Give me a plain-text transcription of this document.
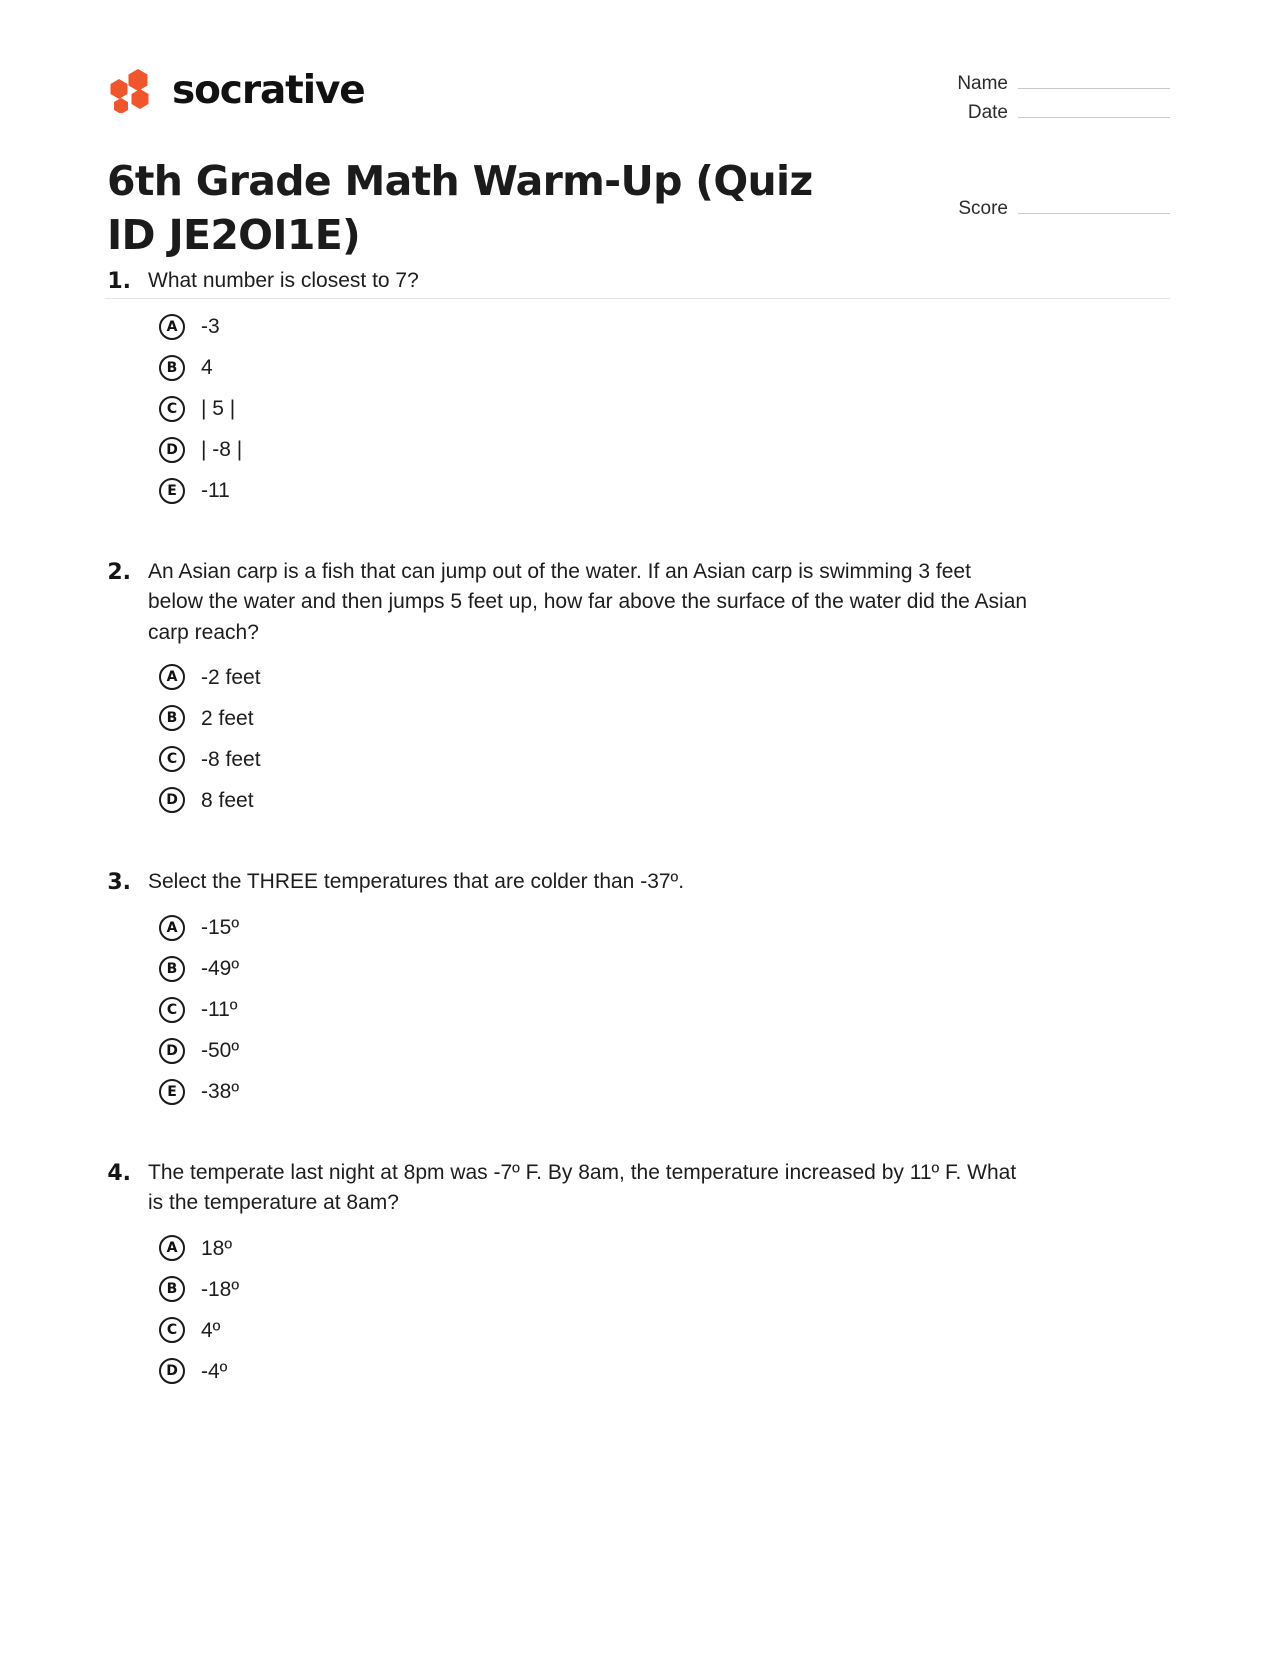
socrative
6th Grade Math Warm-Up (Quiz ID JE2OI1E)
Name
Date
Score
1. What number is closest to 7?
A	-3
B	4
C	| 5 |
D	| -8 |
E	-11
2. An Asian carp is a fish that can jump out of the water. If an Asian carp is swimming 3 feet below the water and then jumps 5 feet up, how far above the surface of the water did the Asian carp reach?
A	-2 feet
B	2 feet
C	-8 feet
D	8 feet
3. Select the THREE temperatures that are colder than -37º.
A	-15º
B	-49º
C	-11º
D	-50º
E	-38º
4. The temperate last night at 8pm was -7º F. By 8am, the temperature increased by 11º F. What is the temperature at 8am?
A	18º
B	-18º
C	4º
D	-4º
